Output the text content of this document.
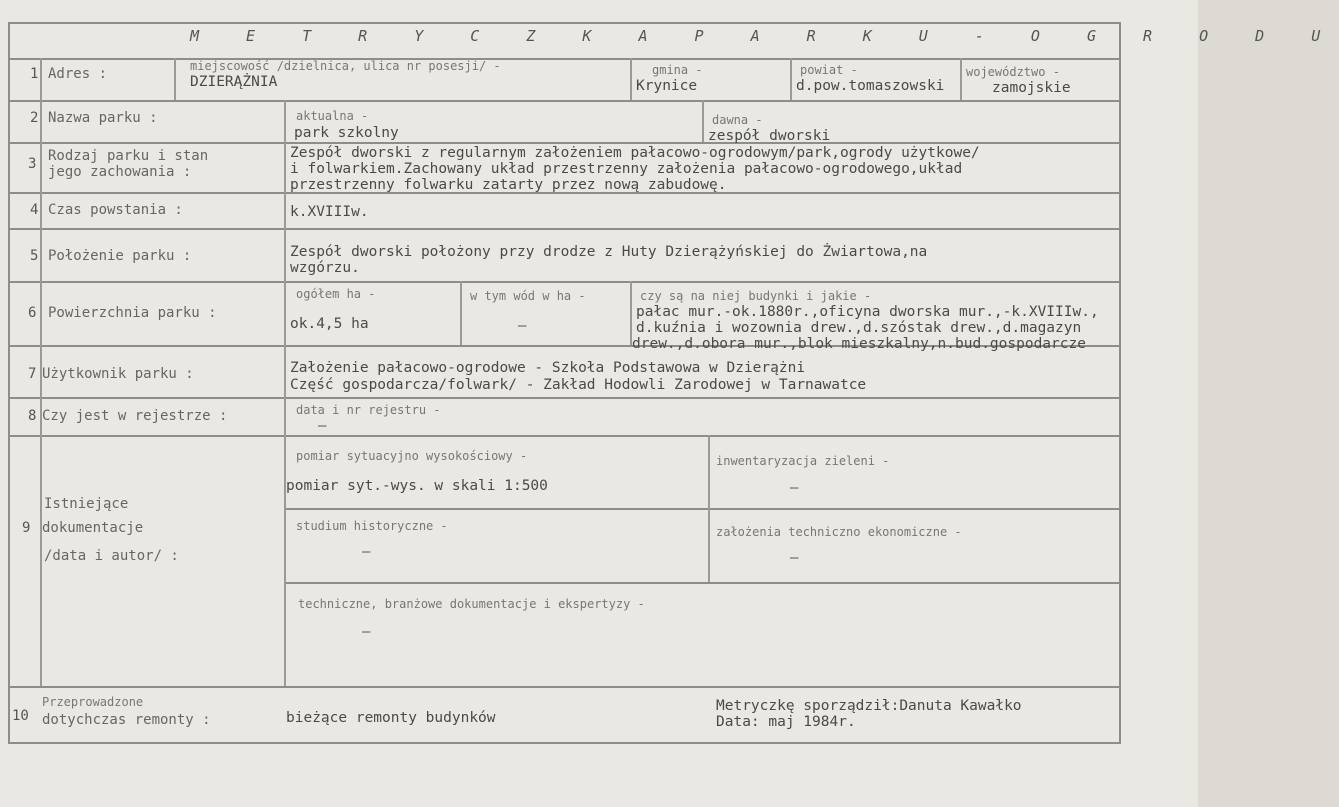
M E T R Y C Z K A P A R K U - O G R O D U
1 Adres :	miejscowość /dzielnica, ulica nr posesji/ -
DZIERĄŻNIA
gmina -
Krynice
powiat -
d.pow.tomaszowski
województwo -
zamojskie
2 Nazwa parku :	aktualna -
park szkolny
dawna -
zespół dworski
3 Rodzaj parku i stan
jego zachowania :
Zespół dworski z regularnym założeniem pałacowo-ogrodowym/park,ogrody użytkowe/
i folwarkiem.Zachowany układ przestrzenny założenia pałacowo-ogrodowego,układ
przestrzenny folwarku zatarty przez nową zabudowę.
4 Czas powstania :	k.XVIIIw.
5 Położenie parku :	Zespół dworski położony przy drodze z Huty Dzierążyńskiej do Żwiartowa,na
wzgórzu.
6 Powierzchnia parku :
ogółem ha -
ok.4,5 ha
w tym wód w ha -
–
czy są na niej budynki i jakie -
pałac mur.-ok.1880r.,oficyna dworska mur.,-k.XVIIIw.,
d.kuźnia i wozownia drew.,d.szóstak drew.,d.magazyn
drew.,d.obora mur.,blok mieszkalny,n.bud.gospodarcze
7 Użytkownik parku :	Założenie pałacowo-ogrodowe - Szkoła Podstawowa w Dzierążni
Część gospodarcza/folwark/ - Zakład Hodowli Zarodowej w Tarnawatce
8 Czy jest w rejestrze :	data i nr rejestru -
–
9
Istniejące
dokumentacje
/data i autor/ :
pomiar sytuacyjno wysokościowy -
pomiar syt.-wys. w skali 1:500
inwentaryzacja zieleni -
–
studium historyczne -
–
założenia techniczno ekonomiczne -
–
techniczne, branżowe dokumentacje i ekspertyzy -
–
10
Przeprowadzone
dotychczas remonty :	bieżące remonty budynków
Metryczkę sporządził:Danuta Kawałko
Data: maj 1984r.
